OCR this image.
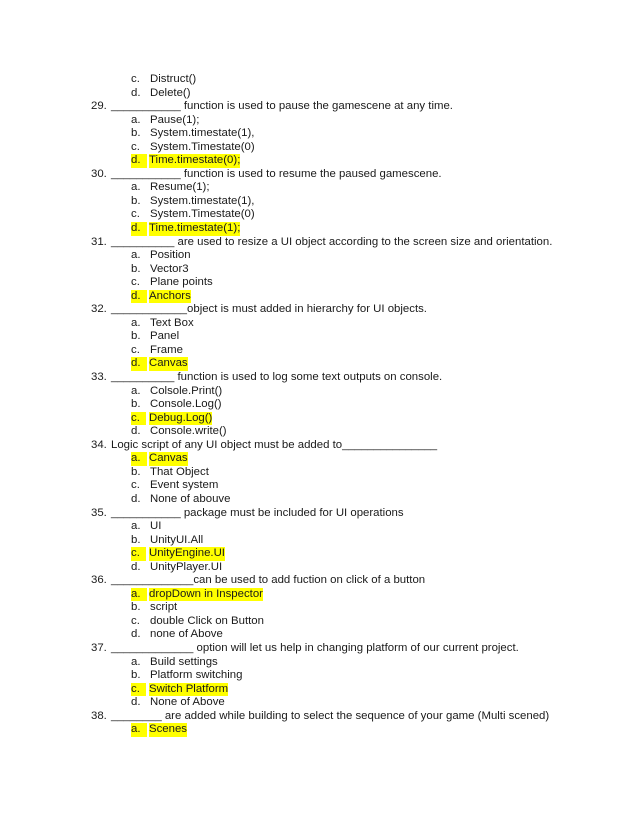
c. Distruct()
d. Delete()
29. ___________ function is used to pause the gamescene at any time.
a. Pause(1);
b. System.timestate(1),
c. System.Timestate(0)
d. Time.timestate(0);
30. ___________ function is used to resume the paused gamescene.
a. Resume(1);
b. System.timestate(1),
c. System.Timestate(0)
d. Time.timestate(1);
31. __________ are used to resize a UI object according to the screen size and orientation.
a. Position
b. Vector3
c. Plane points
d. Anchors
32. ____________object is must added in hierarchy for UI objects.
a. Text Box
b. Panel
c. Frame
d. Canvas
33. __________ function is used to log some text outputs on console.
a. Colsole.Print()
b. Console.Log()
c. Debug.Log()
d. Console.write()
34. Logic script of any UI object must be added to_______________
a. Canvas
b. That Object
c. Event system
d. None of abouve
35. ___________ package must be included for UI operations
a. UI
b. UnityUI.All
c. UnityEngine.UI
d. UnityPlayer.UI
36. _____________can be used to add fuction on click of a button
a. dropDown in Inspector
b. script
c. double Click on Button
d. none of Above
37. _____________ option will let us help in changing platform of our current project.
a. Build settings
b. Platform switching
c. Switch Platform
d. None of Above
38. ________ are added while building to select the sequence of your game (Multi scened)
a. Scenes
